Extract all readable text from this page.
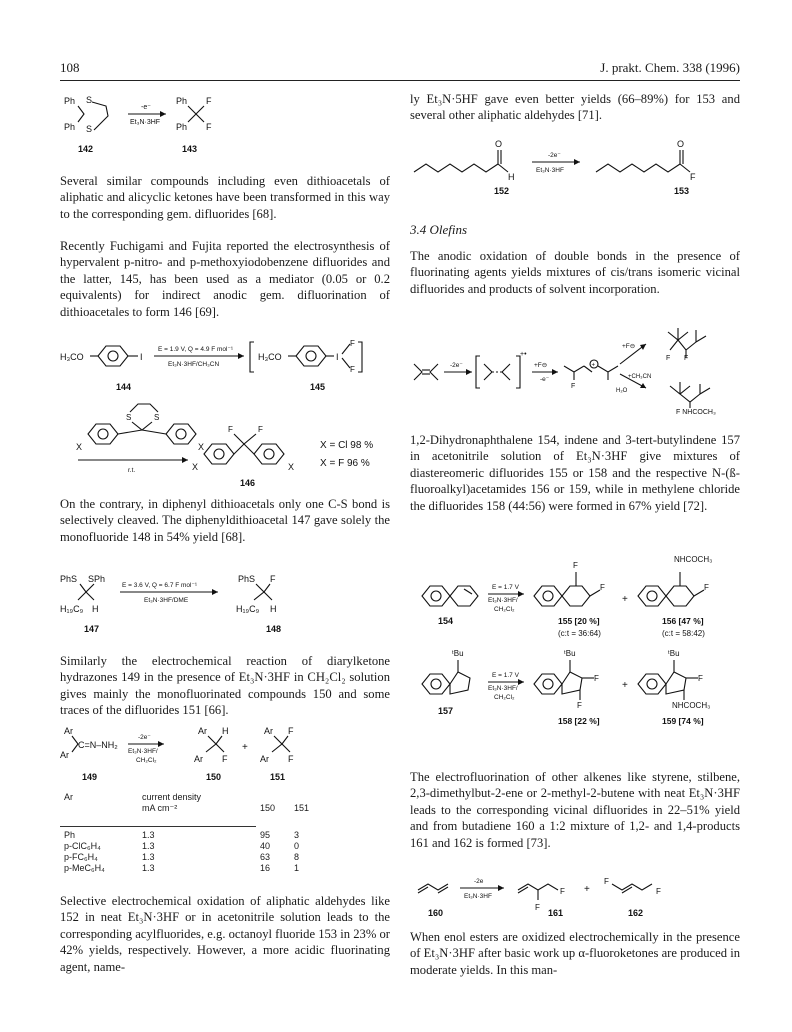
108	J. prakt. Chem. 338 (1996)
Ph
Ph
S
S
-e⁻
Et₃N·3HF
Ph
Ph
F
F
142	143
Several similar compounds including even dithioacetals of aliphatic and alicyclic ketones have been transformed in this way to the corresponding gem. difluorides [68].
Recently Fuchigami and Fujita reported the electrosynthesis of hypervalent p-nitro- and p-methoxyiodobenzene difluorides and the latter, 145, has been used as a mediator (0.05 or 0.2 equivalents) for indirect anodic gem. difluorination of dithioacetales to form 146 [69].
H₃CO	I
E = 1.9 V, Q = 4.9 F mol⁻¹
Et₃N·3HF/CH₃CN
H₃CO	I
F
F
144	145
S	S
X	X
r.t.
F	F
X	X
146
X = Cl 98 %
X = F 96 %
On the contrary, in diphenyl dithioacetals only one C-S bond is selectively cleaved. The diphenyldithioacetal 147 gave solely the monofluoride 148 in 54% yield [68].
PhS SPh
H₁₉C₉ H
E = 3.6 V, Q = 6.7 F mol⁻¹
Et₃N·3HF/DME
PhS F
H₁₉C₉ H
147	148
Similarly the electrochemical reaction of diarylketone hydrazones 149 in the presence of Et₃N·3HF in CH₂Cl₂ solution gives mainly the monofluorinated compounds 150 and some traces of the difluorides 151 [66].
Ar
Ar
C=N–NH₂
-2e⁻
Et₃N·3HF/
CH₂Cl₂
Ar H
Ar F
+
Ar F
Ar F
149	150	151
Ar	current density
mA cm⁻²	150 151
Ph	1.3	95	3
p-ClC₆H₄	1.3	40	0
p-FC₆H₄	1.3	63	8
p-MeC₆H₄	1.3	16	1
Selective electrochemical oxidation of aliphatic aldehydes like 152 in neat Et₃N·3HF or in acetonitrile solution leads to the corresponding acylfluorides, e.g. octanoyl fluoride 153 in 23% or 42% yields, respectively. However, a more acidic fluorinating agent, name-
ly Et₃N·5HF gave even better yields (66–89%) for 153 and several other aliphatic aldehydes [71].
O
H
-2e⁻
Et₃N·3HF
O
F
152	153
3.4 Olefins
The anodic oxidation of double bonds in the presence of fluorinating agents yields mixtures of cis/trans isomeric vicinal difluorides and products of solvent incorporation.
-2e⁻
+•
+F⊖
-e⁻
F
+
+F⊖
+CH₃CN
H₂O
F F
F NHCOCH₃
1,2-Dihydronaphthalene 154, indene and 3-tert-butylindene 157 in acetonitrile solution of Et₃N·3HF give mixtures of diastereomeric difluorides 155 or 158 and the respective N-(ß-fluoroalkyl)acetamides 156 or 159, while in methylene chloride the difluorides 158 (44:56) were formed in 67% yield [72].
154
E = 1.7 V
Et₃N·3HF/
CH₂Cl₂
F
F
155 [20 %]
(c:t = 36:64)
+
NHCOCH₃
F
156 [47 %]
(c:t = 58:42)
ᵗBu
157
E = 1.7 V
Et₃N·3HF/
CH₂Cl₂
ᵗBu
F
F
158 [22 %]
+
ᵗBu
F
NHCOCH₃
159 [74 %]
The electrofluorination of other alkenes like styrene, stilbene, 2,3-dimethylbut-2-ene or 2-methyl-2-butene with neat Et₃N·3HF leads to the corresponding vicinal difluorides in 22–51% yield and from butadiene 160 a 1:2 mixture of 1,2- and 1,4-products 161 and 162 is formed [73].
-2e
Et₃N·3HF
F
F +
F
F
160	161	162
When enol esters are oxidized electrochemically in the presence of Et₃N·3HF after basic work up α-fluoroketones are produced in moderate yields. In this man-
